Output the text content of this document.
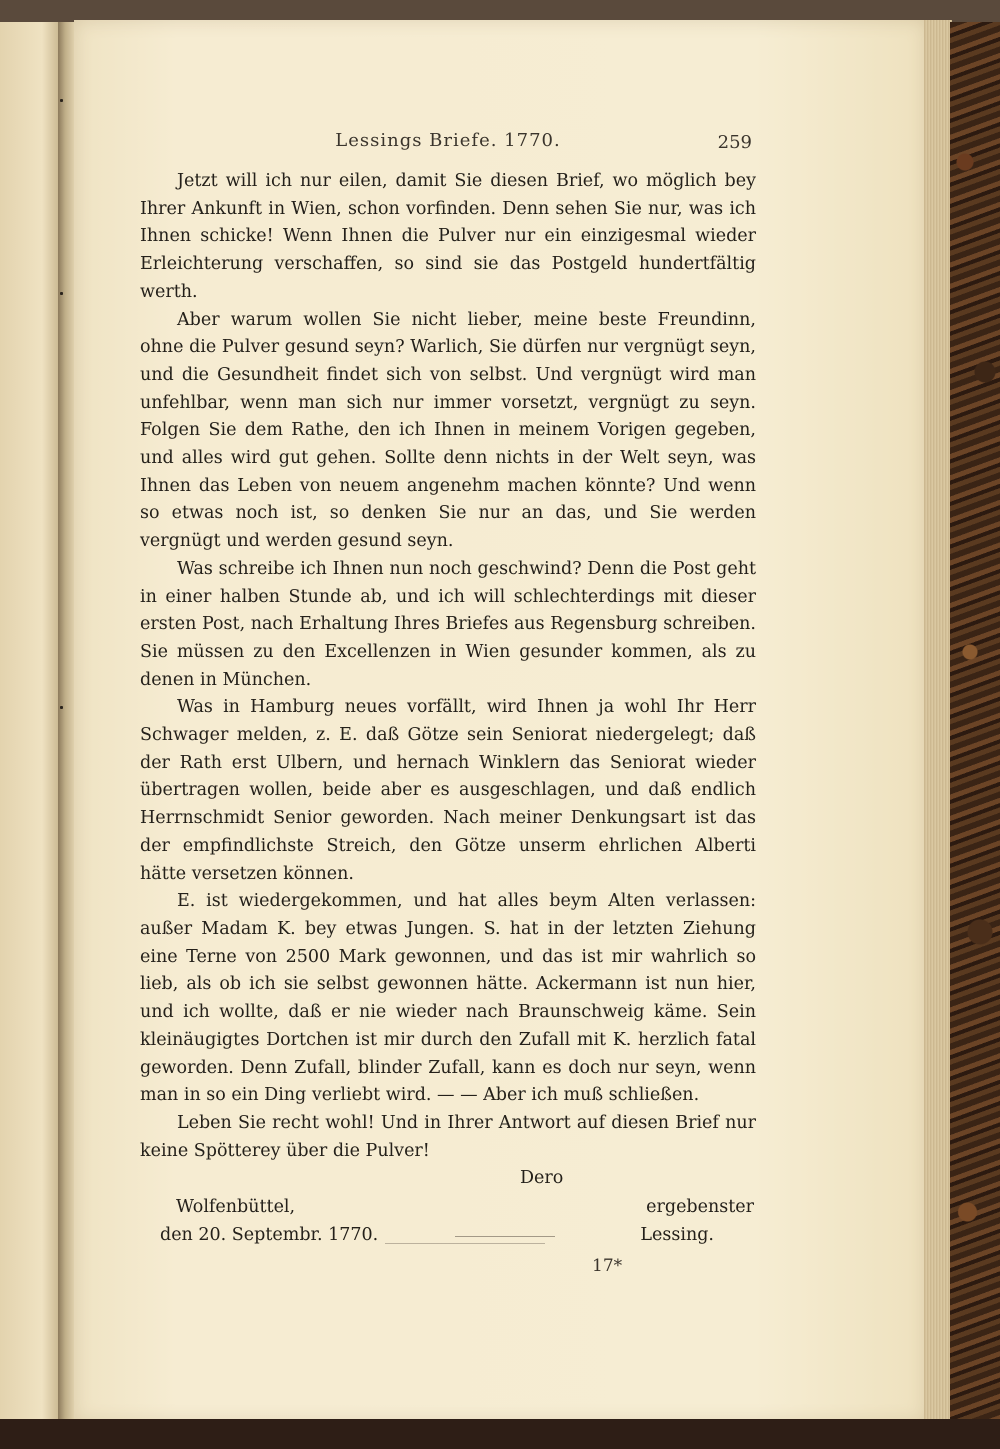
Lessings Briefe. 1770.	259

Jetzt will ich nur eilen, damit Sie diesen Brief, wo möglich bey Ihrer Ankunft in Wien, schon vorfinden. Denn sehen Sie nur, was ich Ihnen schicke! Wenn Ihnen die Pulver nur ein einzigesmal wieder Erleichterung verschaffen, so sind sie das Postgeld hundertfältig werth.

Aber warum wollen Sie nicht lieber, meine beste Freundinn, ohne die Pulver gesund seyn? Warlich, Sie dürfen nur vergnügt seyn, und die Gesundheit findet sich von selbst. Und vergnügt wird man unfehlbar, wenn man sich nur immer vorsetzt, vergnügt zu seyn. Folgen Sie dem Rathe, den ich Ihnen in meinem Vorigen gegeben, und alles wird gut gehen. Sollte denn nichts in der Welt seyn, was Ihnen das Leben von neuem angenehm machen könnte? Und wenn so etwas noch ist, so denken Sie nur an das, und Sie werden vergnügt und werden gesund seyn.

Was schreibe ich Ihnen nun noch geschwind? Denn die Post geht in einer halben Stunde ab, und ich will schlechterdings mit dieser ersten Post, nach Erhaltung Ihres Briefes aus Regensburg schreiben. Sie müssen zu den Excellenzen in Wien gesunder kommen, als zu denen in München.

Was in Hamburg neues vorfällt, wird Ihnen ja wohl Ihr Herr Schwager melden, z. E. daß Götze sein Seniorat niedergelegt; daß der Rath erst Ulbern, und hernach Winklern das Seniorat wieder übertragen wollen, beide aber es ausgeschlagen, und daß endlich Herrnschmidt Senior geworden. Nach meiner Denkungsart ist das der empfindlichste Streich, den Götze unserm ehrlichen Alberti hätte versetzen können.

E. ist wiedergekommen, und hat alles beym Alten verlassen: außer Madam K. bey etwas Jungen. S. hat in der letzten Ziehung eine Terne von 2500 Mark gewonnen, und das ist mir wahrlich so lieb, als ob ich sie selbst gewonnen hätte. Ackermann ist nun hier, und ich wollte, daß er nie wieder nach Braunschweig käme. Sein kleinäugigtes Dortchen ist mir durch den Zufall mit K. herzlich fatal geworden. Denn Zufall, blinder Zufall, kann es doch nur seyn, wenn man in so ein Ding verliebt wird. — — Aber ich muß schließen.

Leben Sie recht wohl! Und in Ihrer Antwort auf diesen Brief nur keine Spötterey über die Pulver!

Dero
Wolfenbüttel,	ergebenster
den 20. Septembr. 1770.	Lessing.
17*
